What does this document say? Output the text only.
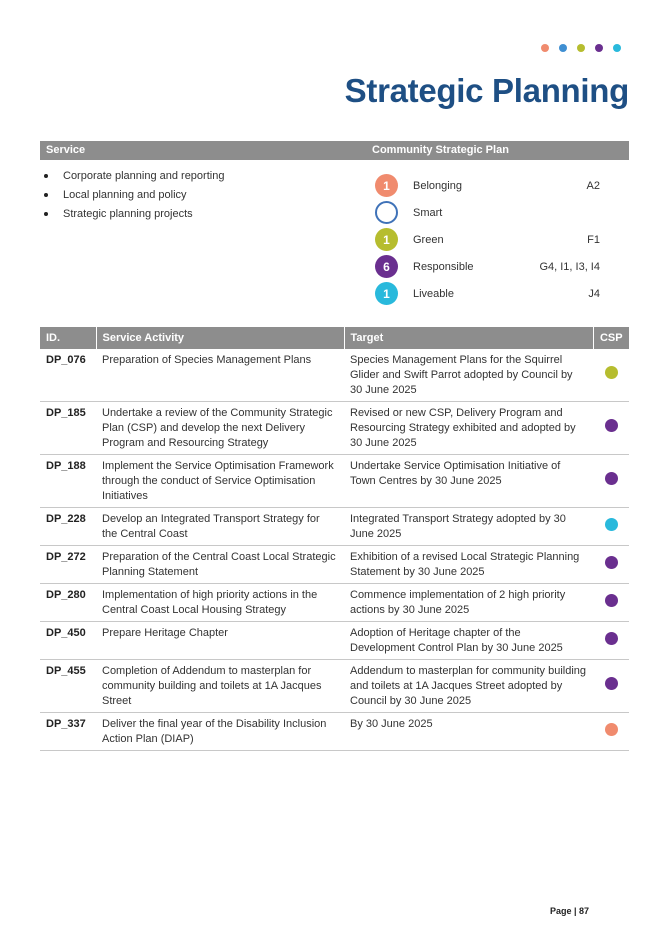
Strategic Planning
Service	Community Strategic Plan
Corporate planning and reporting
Local planning and policy
Strategic planning projects
1	Belonging	A2
Smart
1	Green	F1
6	Responsible	G4, I1, I3, I4
1	Liveable	J4
ID.	Service Activity	Target	CSP
DP_076	Preparation of Species Management Plans	Species Management Plans for the Squirrel Glider and Swift Parrot adopted by Council by 30 June 2025	
DP_185	Undertake a review of the Community Strategic Plan (CSP) and develop the next Delivery Program and Resourcing Strategy	Revised or new CSP, Delivery Program and Resourcing Strategy exhibited and adopted by 30 June 2025	
DP_188	Implement the Service Optimisation Framework through the conduct of Service Optimisation Initiatives	Undertake Service Optimisation Initiative of Town Centres by 30 June 2025	
DP_228	Develop an Integrated Transport Strategy for the Central Coast	Integrated Transport Strategy adopted by 30 June 2025	
DP_272	Preparation of the Central Coast Local Strategic Planning Statement	Exhibition of a revised Local Strategic Planning Statement by 30 June 2025	
DP_280	Implementation of high priority actions in the Central Coast Local Housing Strategy	Commence implementation of 2 high priority actions by 30 June 2025	
DP_450	Prepare Heritage Chapter	Adoption of Heritage chapter of the Development Control Plan by 30 June 2025	
DP_455	Completion of Addendum to masterplan for community building and toilets at 1A Jacques Street	Addendum to masterplan for community building and toilets at 1A Jacques Street adopted by Council by 30 June 2025	
DP_337	Deliver the final year of the Disability Inclusion Action Plan (DIAP)	By 30 June 2025	
Page | 87
